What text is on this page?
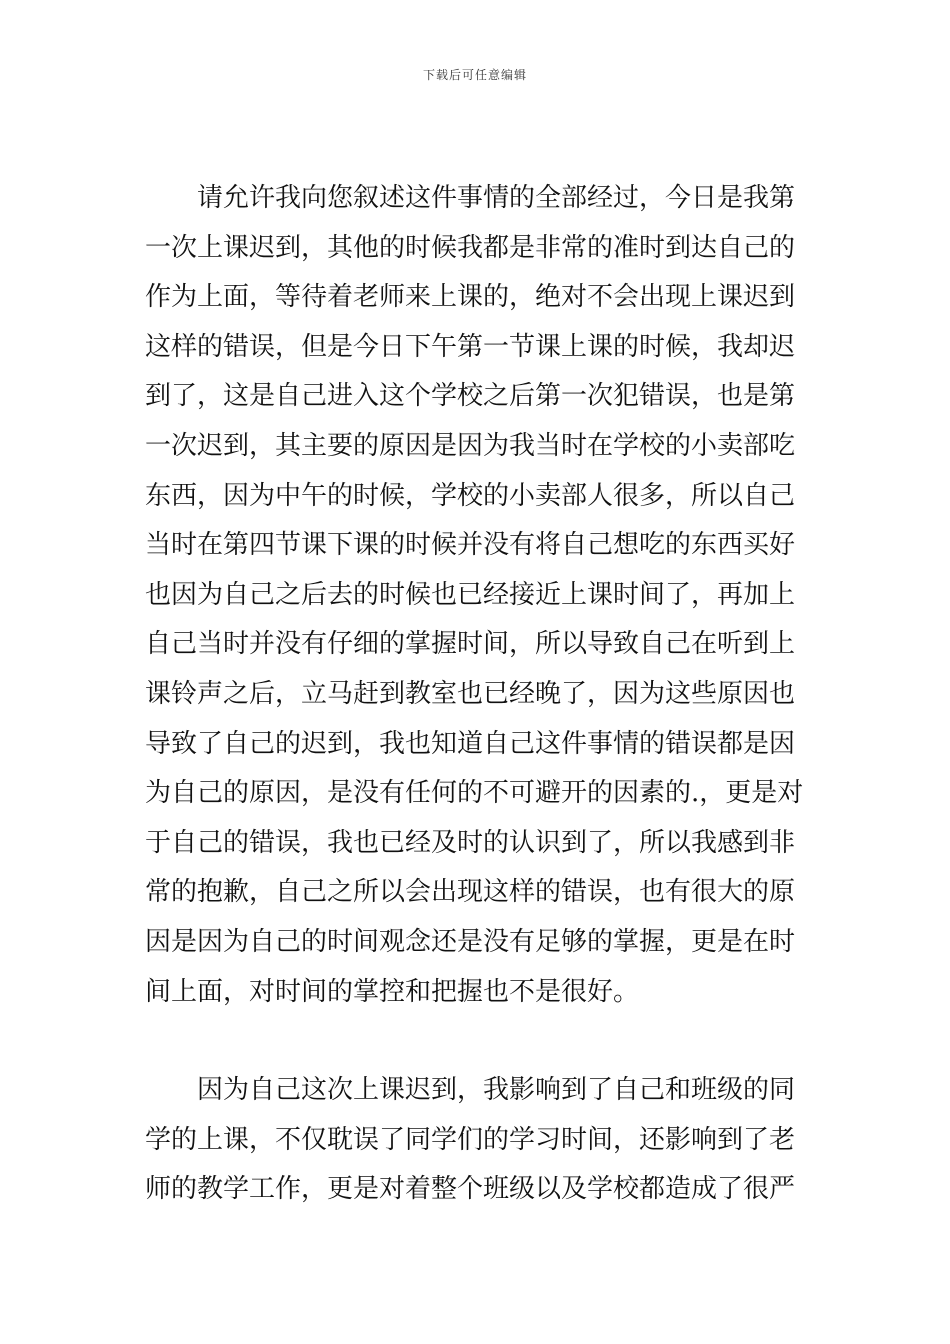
下载后可任意编辑
请允许我向您叙述这件事情的全部经过，今日是我第
一次上课迟到，其他的时候我都是非常的准时到达自己的
作为上面，等待着老师来上课的，绝对不会出现上课迟到
这样的错误，但是今日下午第一节课上课的时候，我却迟
到了，这是自己进入这个学校之后第一次犯错误，也是第
一次迟到，其主要的原因是因为我当时在学校的小卖部吃
东西，因为中午的时候，学校的小卖部人很多，所以自己
当时在第四节课下课的时候并没有将自己想吃的东西买好
也因为自己之后去的时候也已经接近上课时间了，再加上
自己当时并没有仔细的掌握时间，所以导致自己在听到上
课铃声之后，立马赶到教室也已经晚了，因为这些原因也
导致了自己的迟到，我也知道自己这件事情的错误都是因
为自己的原因，是没有任何的不可避开的因素的.，更是对
于自己的错误，我也已经及时的认识到了，所以我感到非
常的抱歉，自己之所以会出现这样的错误，也有很大的原
因是因为自己的时间观念还是没有足够的掌握，更是在时
间上面，对时间的掌控和把握也不是很好。
因为自己这次上课迟到，我影响到了自己和班级的同
学的上课，不仅耽误了同学们的学习时间，还影响到了老
师的教学工作，更是对着整个班级以及学校都造成了很严
